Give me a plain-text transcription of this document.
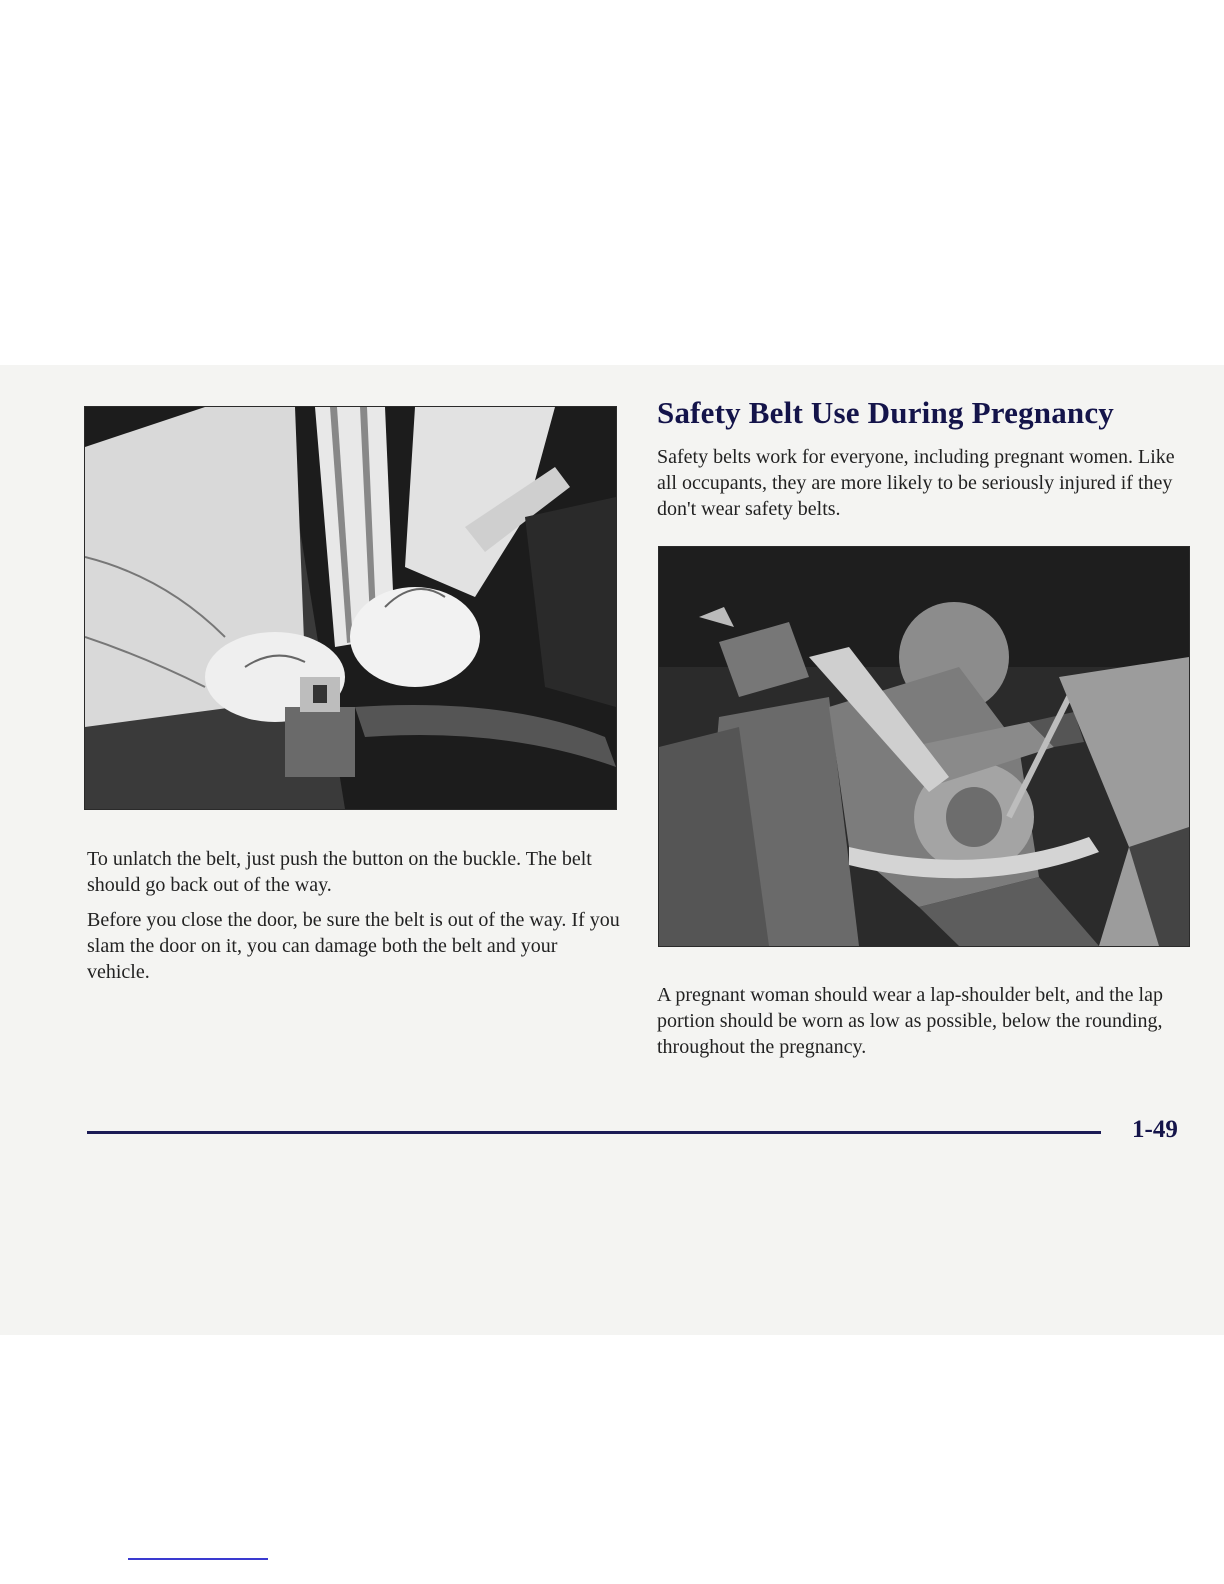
To unlatch the belt, just push the button on the buckle. The belt should go back out of the way.

Before you close the door, be sure the belt is out of the way. If you slam the door on it, you can damage both the belt and your vehicle.

Safety Belt Use During Pregnancy

Safety belts work for everyone, including pregnant women. Like all occupants, they are more likely to be seriously injured if they don't wear safety belts.

A pregnant woman should wear a lap-shoulder belt, and the lap portion should be worn as low as possible, below the rounding, throughout the pregnancy.

1-49
